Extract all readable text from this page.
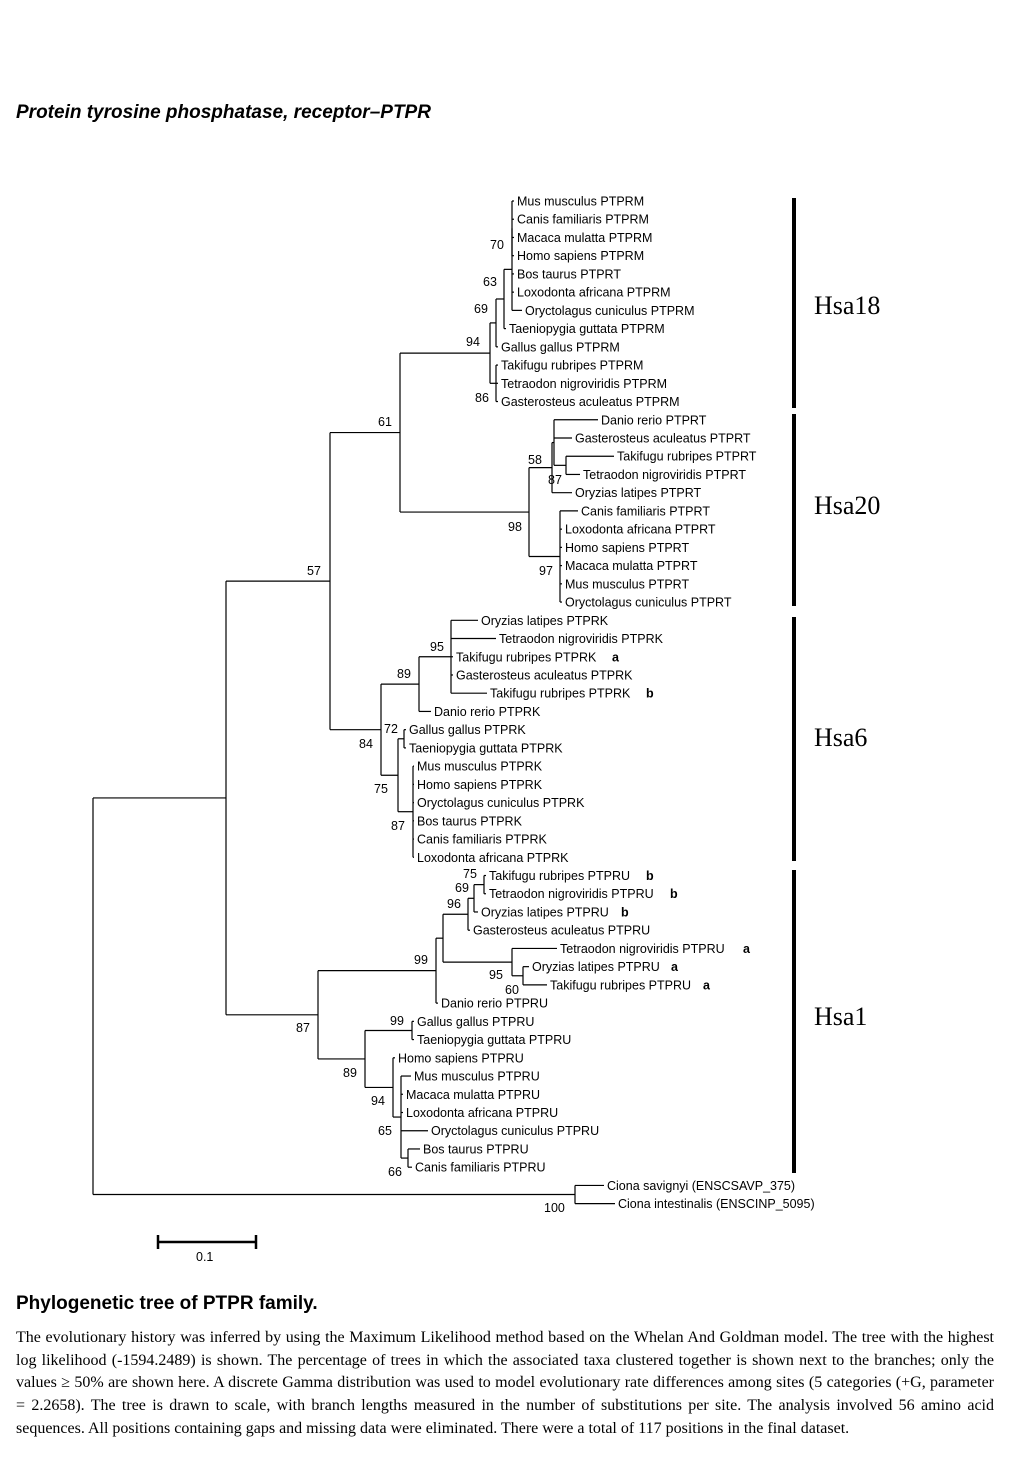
Protein tyrosine phosphatase, receptor–PTPR
Mus musculus PTPRM
Canis familiaris PTPRM
Macaca mulatta PTPRM
Homo sapiens PTPRM
Bos taurus PTPRT
Loxodonta africana PTPRM
Oryctolagus cuniculus PTPRM
Taeniopygia guttata PTPRM
Gallus gallus PTPRM
Takifugu rubripes PTPRM
Tetraodon nigroviridis PTPRM
Gasterosteus aculeatus PTPRM
Danio rerio PTPRT
Gasterosteus aculeatus PTPRT
Takifugu rubripes PTPRT
Tetraodon nigroviridis PTPRT
Oryzias latipes PTPRT
Canis familiaris PTPRT
Loxodonta africana PTPRT
Homo sapiens PTPRT
Macaca mulatta PTPRT
Mus musculus PTPRT
Oryctolagus cuniculus PTPRT
Oryzias latipes PTPRK
Tetraodon nigroviridis PTPRK
Takifugu rubripes PTPRK a
Gasterosteus aculeatus PTPRK
Takifugu rubripes PTPRK b
Danio rerio PTPRK
Gallus gallus PTPRK
Taeniopygia guttata PTPRK
Mus musculus PTPRK
Homo sapiens PTPRK
Oryctolagus cuniculus PTPRK
Bos taurus PTPRK
Canis familiaris PTPRK
Loxodonta africana PTPRK
Takifugu rubripes PTPRU b
Tetraodon nigroviridis PTPRU b
Oryzias latipes PTPRU b
Gasterosteus aculeatus PTPRU
Tetraodon nigroviridis PTPRU a
Oryzias latipes PTPRU a
Takifugu rubripes PTPRU a
Danio rerio PTPRU
Gallus gallus PTPRU
Taeniopygia guttata PTPRU
Homo sapiens PTPRU
Mus musculus PTPRU
Macaca mulatta PTPRU
Loxodonta africana PTPRU
Oryctolagus cuniculus PTPRU
Bos taurus PTPRU
Canis familiaris PTPRU
Ciona savignyi (ENSCSAVP_375)
Ciona intestinalis (ENSCINP_5095)
70
63
69
94
86
61
58
87
98
97
57
95
89
72
84
75
87
75
69
96
99
95
60
99
87
89
94
65
66
100
Hsa18
Hsa20
Hsa6
Hsa1
0.1
Phylogenetic tree of PTPR family.
The evolutionary history was inferred by using the Maximum Likelihood method based on the Whelan And Goldman model. The tree with the highest log likelihood (-1594.2489) is shown. The percentage of trees in which the associated taxa clustered together is shown next to the branches; only the values ≥ 50% are shown here. A discrete Gamma distribution was used to model evolutionary rate differences among sites (5 categories (+G, parameter = 2.2658). The tree is drawn to scale, with branch lengths measured in the number of substitutions per site. The analysis involved 56 amino acid sequences. All positions containing gaps and missing data were eliminated. There were a total of 117 positions in the final dataset.
